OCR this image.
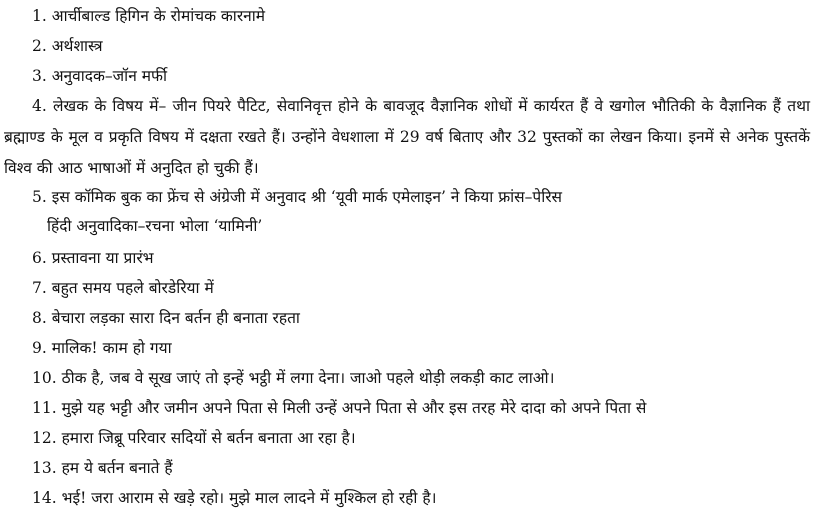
1. आर्चीबाल्ड हिगिन के रोमांचक कारनामे
2. अर्थशास्त्र
3. अनुवादक–जॉन मर्फी
4. लेखक के विषय में– जीन पियरे पैटिट, सेवानिवृत्त होने के बावजूद वैज्ञानिक शोधों में कार्यरत हैं वे खगोल भौतिकी के वैज्ञानिक हैं तथा ब्रह्माण्ड के मूल व प्रकृति विषय में दक्षता रखते हैं। उन्होंने वेधशाला में 29 वर्ष बिताए और 32 पुस्तकों का लेखन किया। इनमें से अनेक पुस्तकें विश्व की आठ भाषाओं में अनुदित हो चुकी हैं।
5. इस कॉमिक बुक का फ्रेंच से अंग्रेजी में अनुवाद श्री ‘यूवी मार्क एमेलाइन’ ने किया फ्रांस–पेरिस
हिंदी अनुवादिका–रचना भोला ‘यामिनी’
6. प्रस्तावना या प्रारंभ
7. बहुत समय पहले बोरडेरिया में
8. बेचारा लड़का सारा दिन बर्तन ही बनाता रहता
9. मालिक! काम हो गया
10. ठीक है, जब वे सूख जाएं तो इन्हें भट्ठी में लगा देना। जाओ पहले थोड़ी लकड़ी काट लाओ।
11. मुझे यह भट्टी और जमीन अपने पिता से मिली उन्हें अपने पिता से और इस तरह मेरे दादा को अपने पिता से
12. हमारा जिब्रू परिवार सदियों से बर्तन बनाता आ रहा है।
13. हम ये बर्तन बनाते हैं
14. भई! जरा आराम से खड़े रहो। मुझे माल लादने में मुश्किल हो रही है।
